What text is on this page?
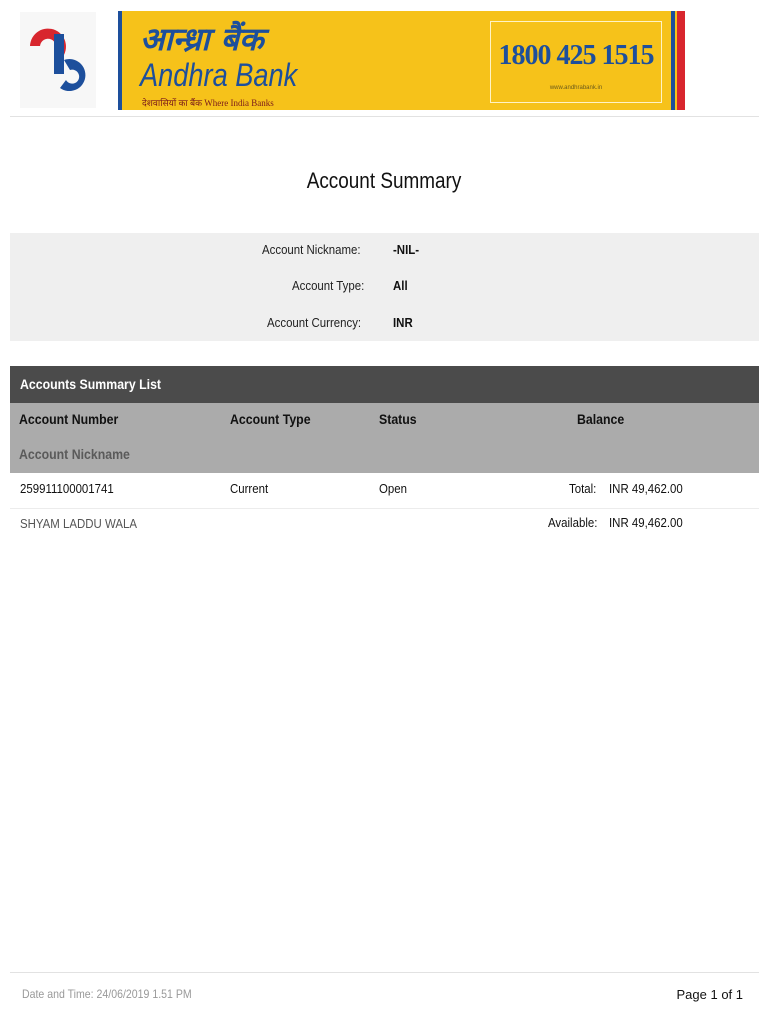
आन्ध्रा बैंक
Andhra Bank
देशवासियों का बैंक Where India Banks
1800 425 1515
www.andhrabank.in
Account Summary
Account Nickname: -NIL-
Account Type: All
Account Currency: INR
Accounts Summary List
Account Number	Account Type	Status	Balance
Account Nickname
259911100001741	Current	Open	Total: INR 49,462.00
SHYAM LADDU WALA	Available: INR 49,462.00
Date and Time: 24/06/2019 1.51 PM	Page 1 of 1
